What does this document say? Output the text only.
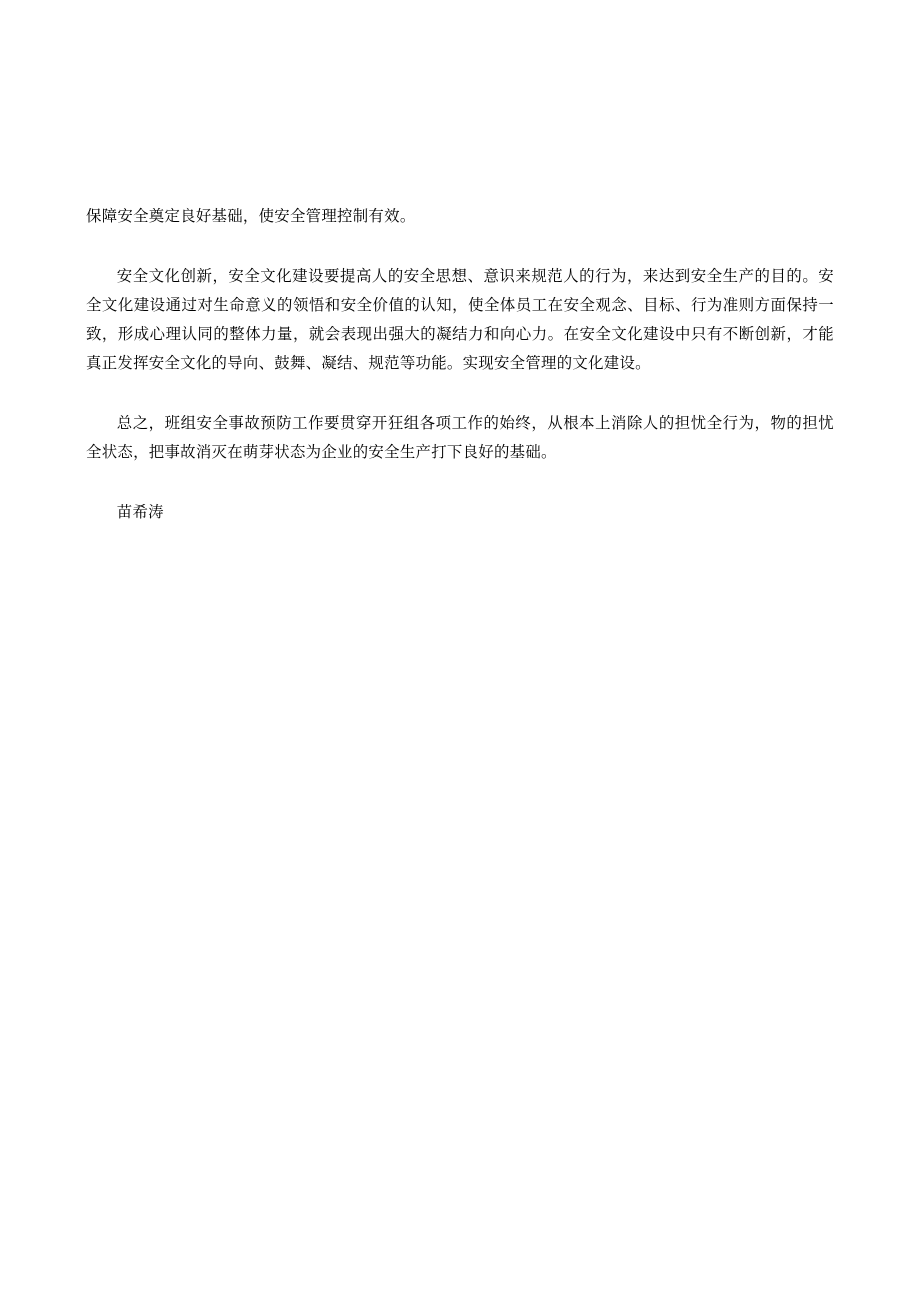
保障安全奠定良好基础，使安全管理控制有效。

安全文化创新，安全文化建设要提高人的安全思想、意识来规范人的行为，来达到安全生产的目的。安全文化建设通过对生命意义的领悟和安全价值的认知，使全体员工在安全观念、目标、行为准则方面保持一致，形成心理认同的整体力量，就会表现出强大的凝结力和向心力。在安全文化建设中只有不断创新，才能真正发挥安全文化的导向、鼓舞、凝结、规范等功能。实现安全管理的文化建设。

总之，班组安全事故预防工作要贯穿开狂组各项工作的始终，从根本上消除人的担忧全行为，物的担忧全状态，把事故消灭在萌芽状态为企业的安全生产打下良好的基础。

苗希涛
